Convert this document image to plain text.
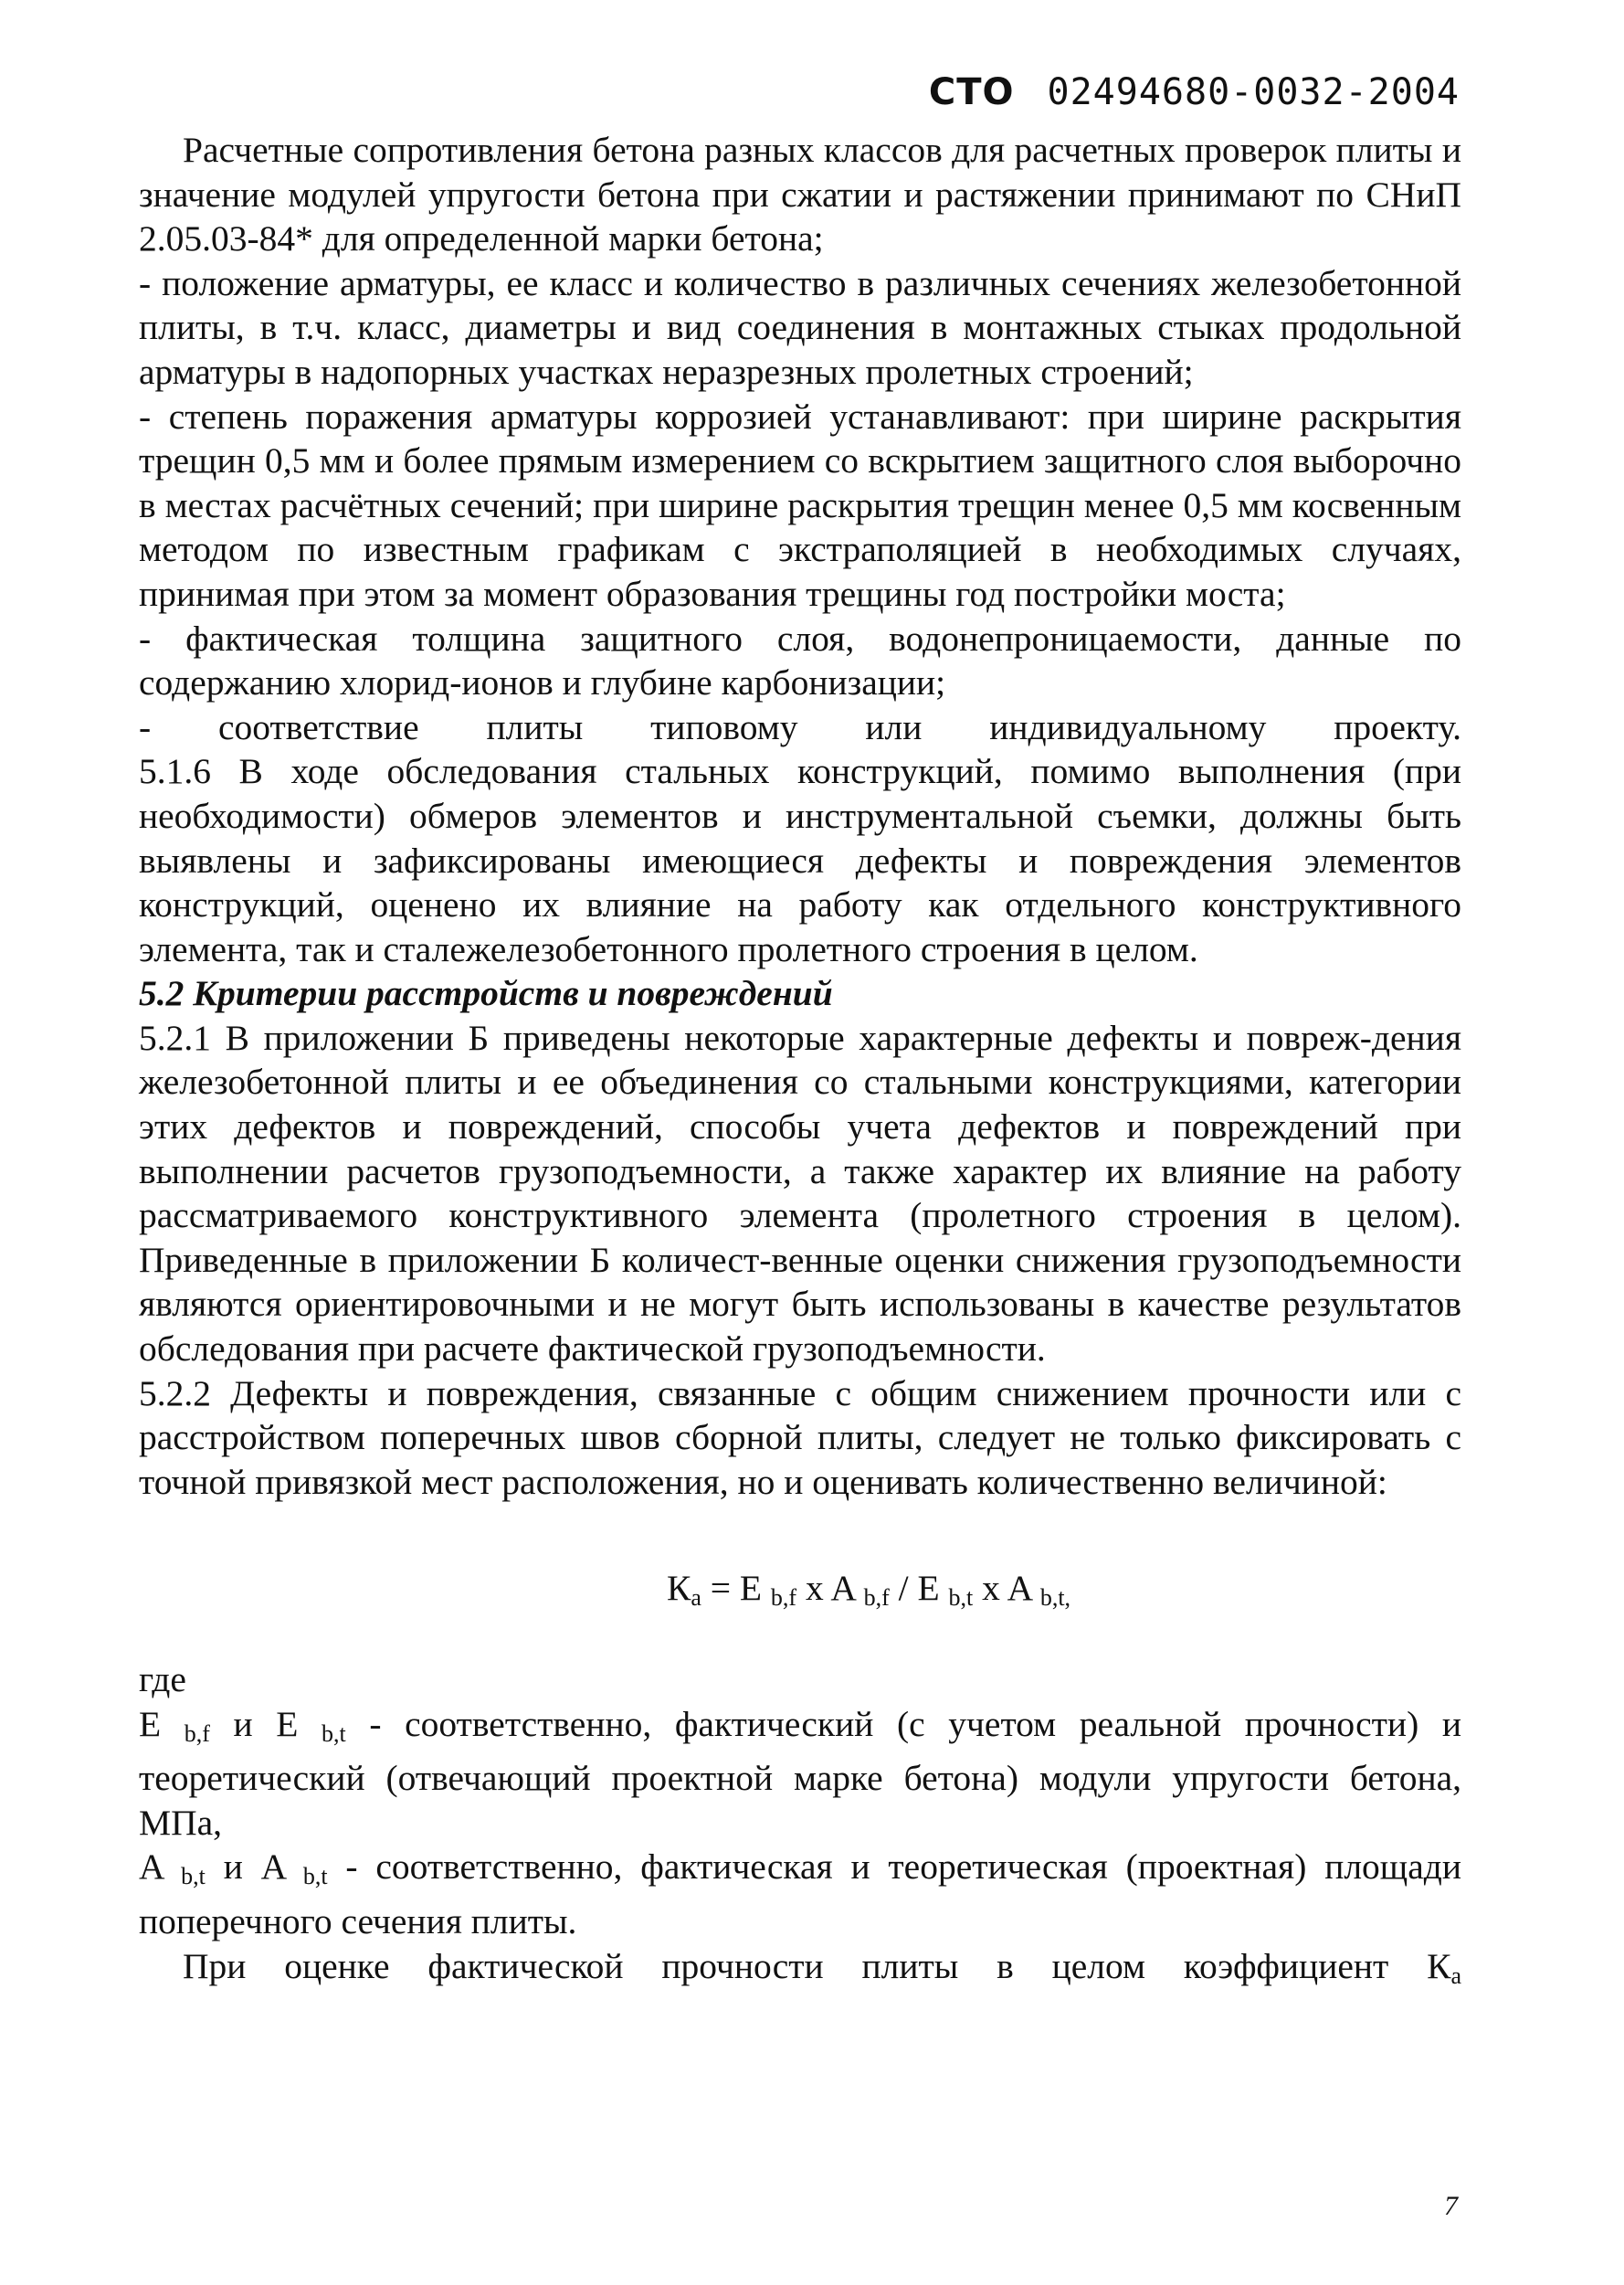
СТО 02494680-0032-2004

Расчетные сопротивления бетона разных классов для расчетных проверок плиты и значение модулей упругости бетона при сжатии и растяжении принимают по СНиП 2.05.03-84* для определенной марки бетона;

- положение арматуры, ее класс и количество в различных сечениях железобетонной плиты, в т.ч. класс, диаметры и вид соединения в монтажных стыках продольной арматуры в надопорных участках неразрезных пролетных строений;

- степень поражения арматуры коррозией устанавливают: при ширине раскрытия трещин 0,5 мм и более прямым измерением со вскрытием защитного слоя выборочно в местах расчётных сечений; при ширине раскрытия трещин менее 0,5 мм косвенным методом по известным графикам с экстраполяцией в необходимых случаях, принимая при этом за момент образования трещины год постройки моста;

- фактическая толщина защитного слоя, водонепроницаемости, данные по содержанию хлорид-ионов и глубине карбонизации;

- соответствие плиты типовому или индивидуальному проекту.

5.1.6 В ходе обследования стальных конструкций, помимо выполнения (при необходимости) обмеров элементов и инструментальной съемки, должны быть выявлены и зафиксированы имеющиеся дефекты и повреждения элементов конструкций, оценено их влияние на работу как отдельного конструктивного элемента, так и сталежелезобетонного пролетного строения в целом.

5.2 Критерии расстройств и повреждений

5.2.1 В приложении Б приведены некоторые характерные дефекты и повреж-дения железобетонной плиты и ее объединения со стальными конструкциями, категории этих дефектов и повреждений, способы учета дефектов и повреждений при выполнении расчетов грузоподъемности, а также характер их влияние на работу рассматриваемого конструктивного элемента (пролетного строения в целом). Приведенные в приложении Б количест-венные оценки снижения грузоподъемности являются ориентировочными и не могут быть использованы в качестве результатов обследования при расчете фактической грузоподъемности.

5.2.2 Дефекты и повреждения, связанные с общим снижением прочности или с расстройством поперечных швов сборной плиты, следует не только фиксировать с точной привязкой мест расположения, но и оценивать количественно величиной:

$К_a = E$ $_{b,f}$ x A $_{b,f}$ / E $_{b,t}$ x A $_{b,t,}$

где

E $_{b,f}$ и E $_{b,t}$ - соответственно, фактический (с учетом реальной прочности) и теоретический (отвечающий проектной марке бетона) модули упругости бетона, МПа,

A $_{b,t}$ и A $_{b,t}$ - соответственно, фактическая и теоретическая (проектная) площади поперечного сечения плиты.

При оценке фактической прочности плиты в целом коэффициент $К_a$

7
